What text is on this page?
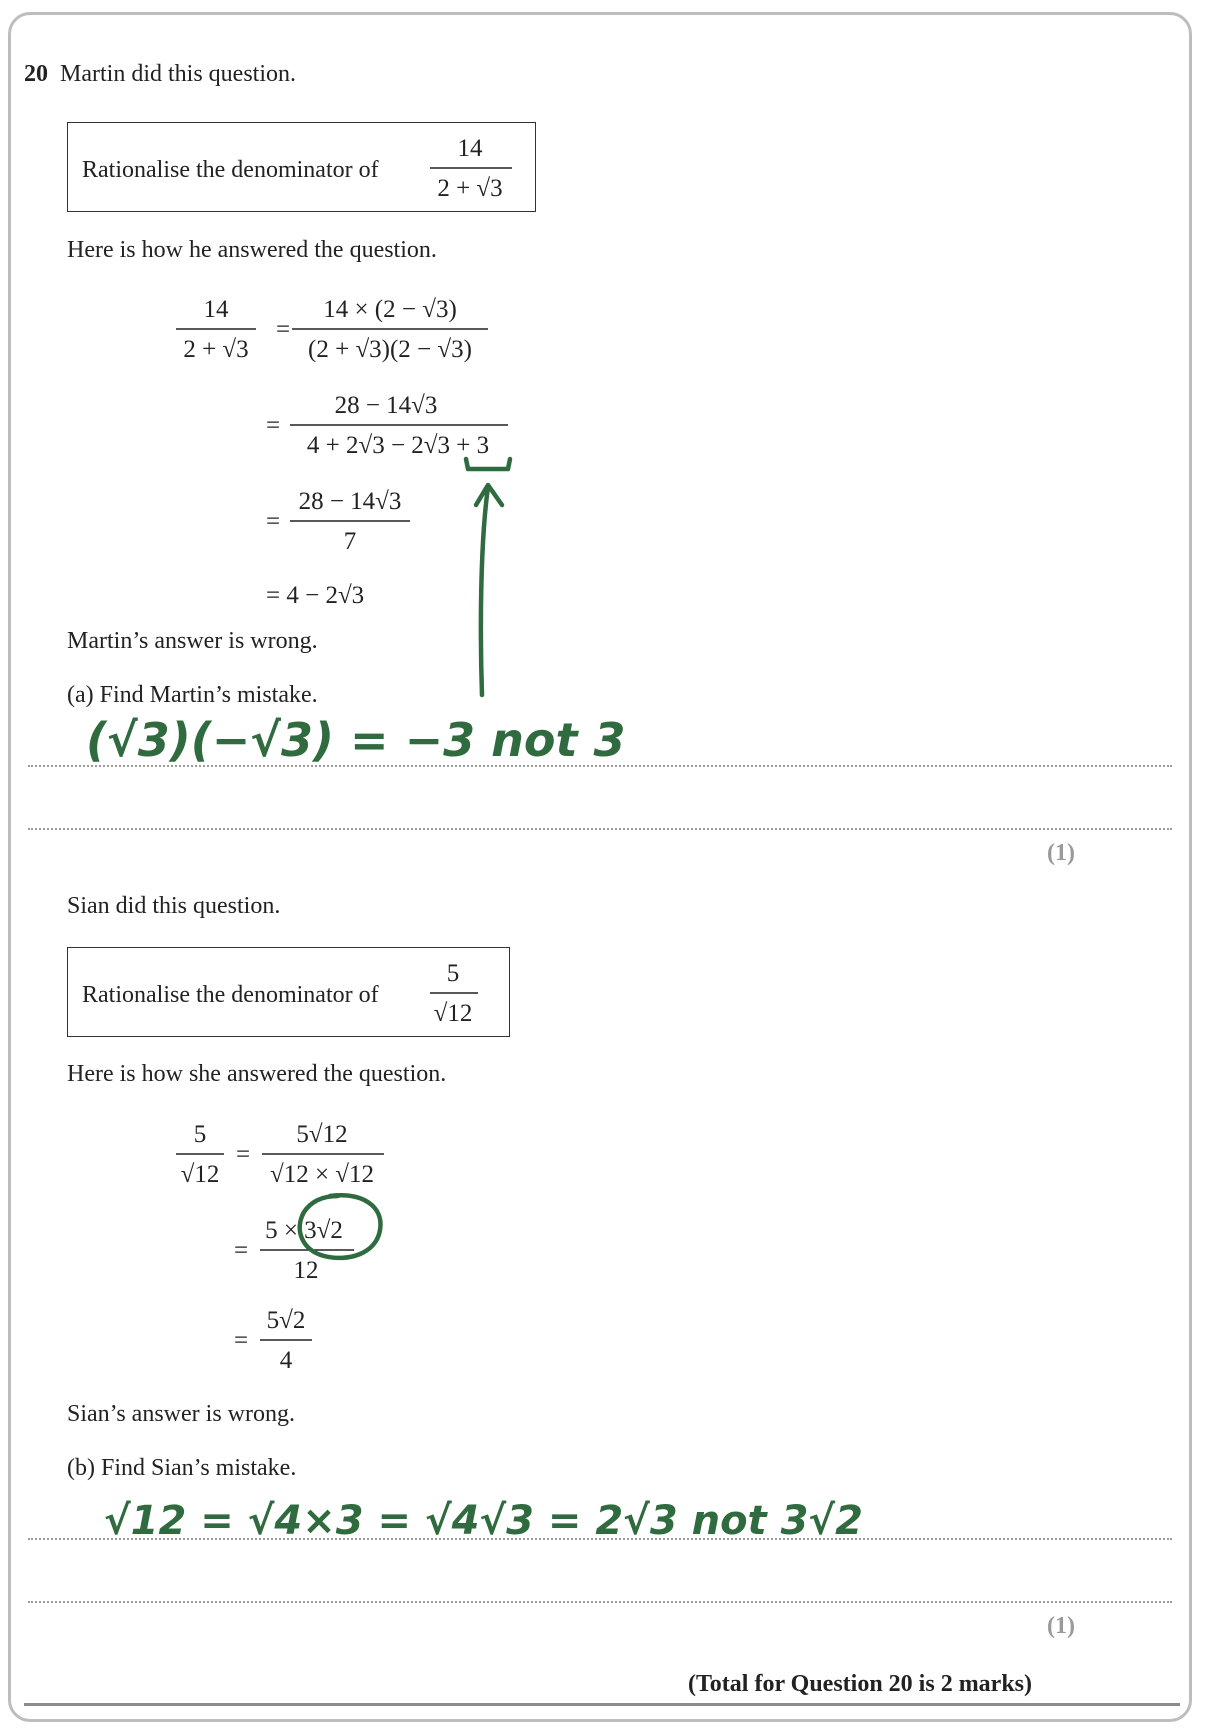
20 Martin did this question.
Rationalise the denominator of
14
2 + √3
Here is how he answered the question.
14
2 + √3
=
14 × (2 − √3)
(2 + √3)(2 − √3)
=
28 − 14√3
4 + 2√3 − 2√3 + 3
=
28 − 14√3
7
= 4 − 2√3
Martin’s answer is wrong.
(a) Find Martin’s mistake.
(√3)(−√3) = −3 not 3
(1)
Sian did this question.
Rationalise the denominator of
5
√12
Here is how she answered the question.
5
√12
=
5√12
√12 × √12
=
5 × 3√2
12
=
5√2
4
Sian’s answer is wrong.
(b) Find Sian’s mistake.
√12 = √4×3 = √4√3 = 2√3 not 3√2
(1)
(Total for Question 20 is 2 marks)
